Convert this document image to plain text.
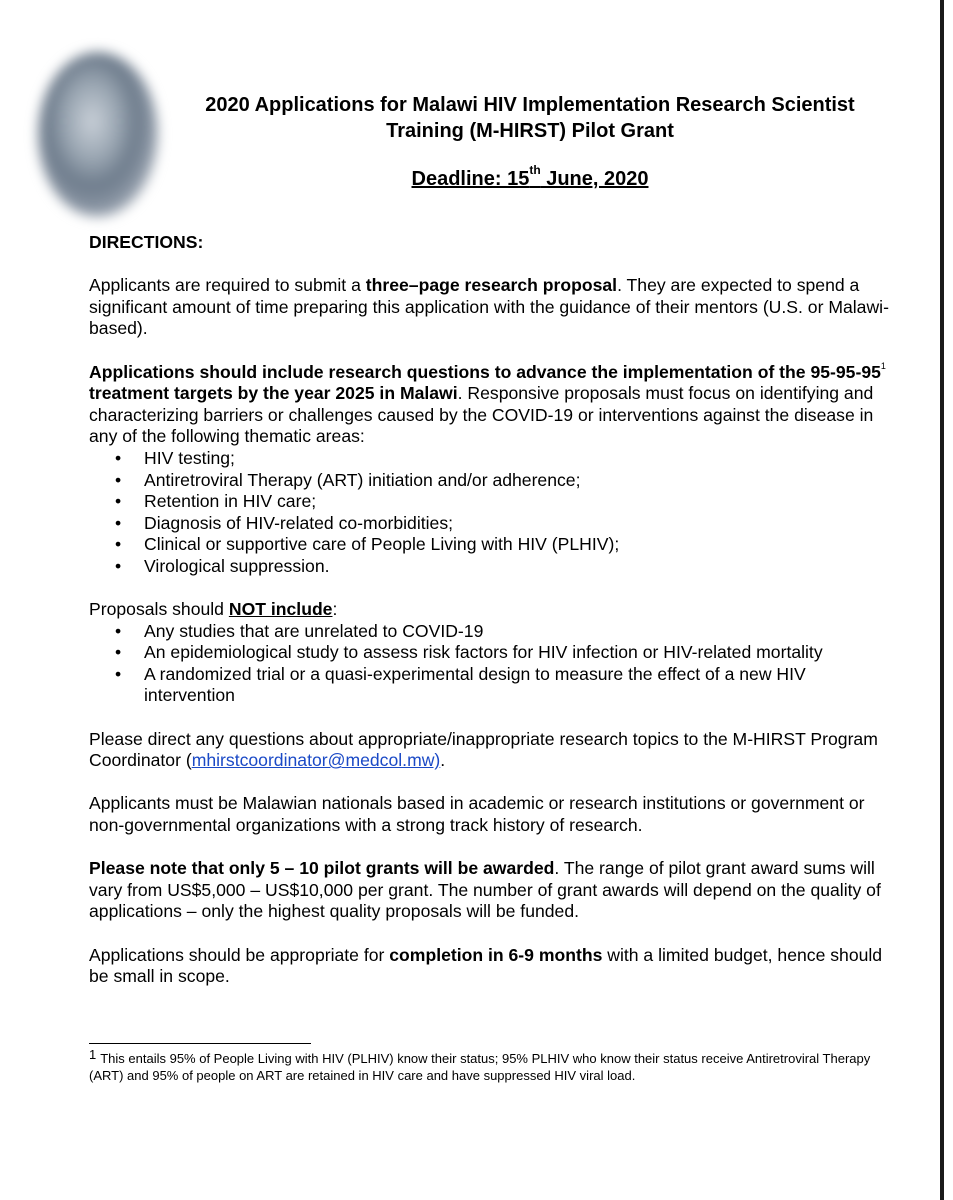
2020 Applications for Malawi HIV Implementation Research Scientist
Training (M-HIRST) Pilot Grant
Deadline: 15th June, 2020

DIRECTIONS:

Applicants are required to submit a three–page research proposal. They are expected to spend a significant amount of time preparing this application with the guidance of their mentors (U.S. or Malawi-based).

Applications should include research questions to advance the implementation of the $95-95-95^1$ treatment targets by the year 2025 in Malawi. Responsive proposals must focus on identifying and characterizing barriers or challenges caused by the COVID-19 or interventions against the disease in any of the following thematic areas:
• HIV testing;
• Antiretroviral Therapy (ART) initiation and/or adherence;
• Retention in HIV care;
• Diagnosis of HIV-related co-morbidities;
• Clinical or supportive care of People Living with HIV (PLHIV);
• Virological suppression.
Proposals should NOT include:
• Any studies that are unrelated to COVID-19
• An epidemiological study to assess risk factors for HIV infection or HIV-related mortality
• A randomized trial or a quasi-experimental design to measure the effect of a new HIV intervention

Please direct any questions about appropriate/inappropriate research topics to the M-HIRST Program Coordinator (mhirstcoordinator@medcol.mw).

Applicants must be Malawian nationals based in academic or research institutions or government or non-governmental organizations with a strong track history of research.

Please note that only 5 – 10 pilot grants will be awarded. The range of pilot grant award sums will vary from US$5,000 – US$10,000 per grant. The number of grant awards will depend on the quality of applications – only the highest quality proposals will be funded.

Applications should be appropriate for completion in 6-9 months with a limited budget, hence should be small in scope.

1 This entails 95% of People Living with HIV (PLHIV) know their status; 95% PLHIV who know their status receive Antiretroviral Therapy (ART) and 95% of people on ART are retained in HIV care and have suppressed HIV viral load.
